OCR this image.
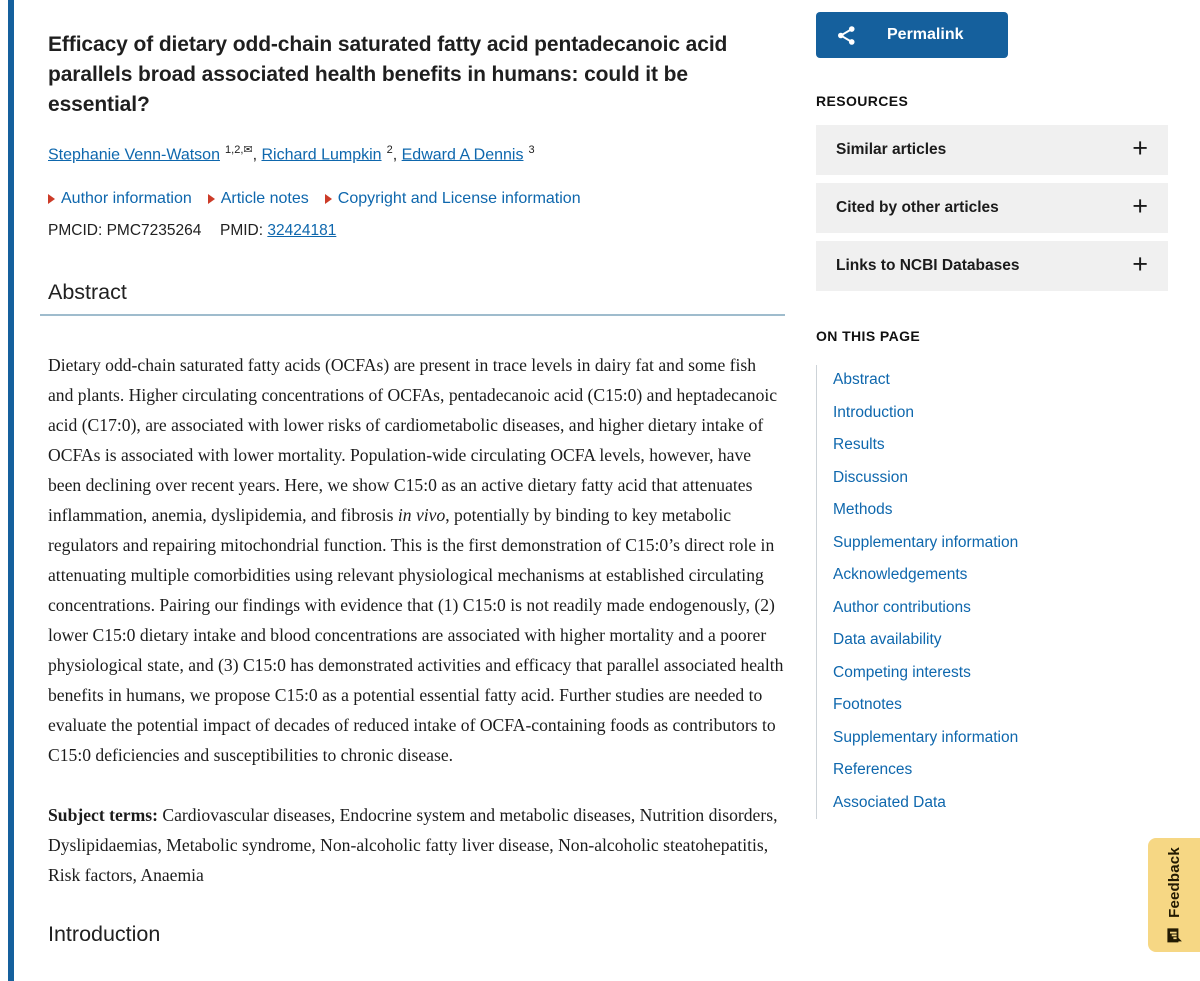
Efficacy of dietary odd-chain saturated fatty acid pentadecanoic acid parallels broad associated health benefits in humans: could it be essential?
Stephanie Venn-Watson $^{1,2,✉}$, Richard Lumpkin $^2$, Edward A Dennis $^3$
Author information Article notes Copyright and License information
PMCID: PMC7235264 PMID: 32424181
Abstract

Dietary odd-chain saturated fatty acids (OCFAs) are present in trace levels in dairy fat and some fish and plants. Higher circulating concentrations of OCFAs, pentadecanoic acid (C15:0) and heptadecanoic acid (C17:0), are associated with lower risks of cardiometabolic diseases, and higher dietary intake of OCFAs is associated with lower mortality. Population-wide circulating OCFA levels, however, have been declining over recent years. Here, we show C15:0 as an active dietary fatty acid that attenuates inflammation, anemia, dyslipidemia, and fibrosis in vivo, potentially by binding to key metabolic regulators and repairing mitochondrial function. This is the first demonstration of C15:0’s direct role in attenuating multiple comorbidities using relevant physiological mechanisms at established circulating concentrations. Pairing our findings with evidence that (1) C15:0 is not readily made endogenously, (2) lower C15:0 dietary intake and blood concentrations are associated with higher mortality and a poorer physiological state, and (3) C15:0 has demonstrated activities and efficacy that parallel associated health benefits in humans, we propose C15:0 as a potential essential fatty acid. Further studies are needed to evaluate the potential impact of decades of reduced intake of OCFA-containing foods as contributors to C15:0 deficiencies and susceptibilities to chronic disease.

Subject terms: Cardiovascular diseases, Endocrine system and metabolic diseases, Nutrition disorders, Dyslipidaemias, Metabolic syndrome, Non-alcoholic fatty liver disease, Non-alcoholic steatohepatitis, Risk factors, Anaemia

Introduction
Permalink
RESOURCES
Similar articles	+
Cited by other articles	+
Links to NCBI Databases	+
ON THIS PAGE
Abstract
Introduction
Results
Discussion
Methods
Supplementary information
Acknowledgements
Author contributions
Data availability
Competing interests
Footnotes
Supplementary information
References
Associated Data
Feedback
